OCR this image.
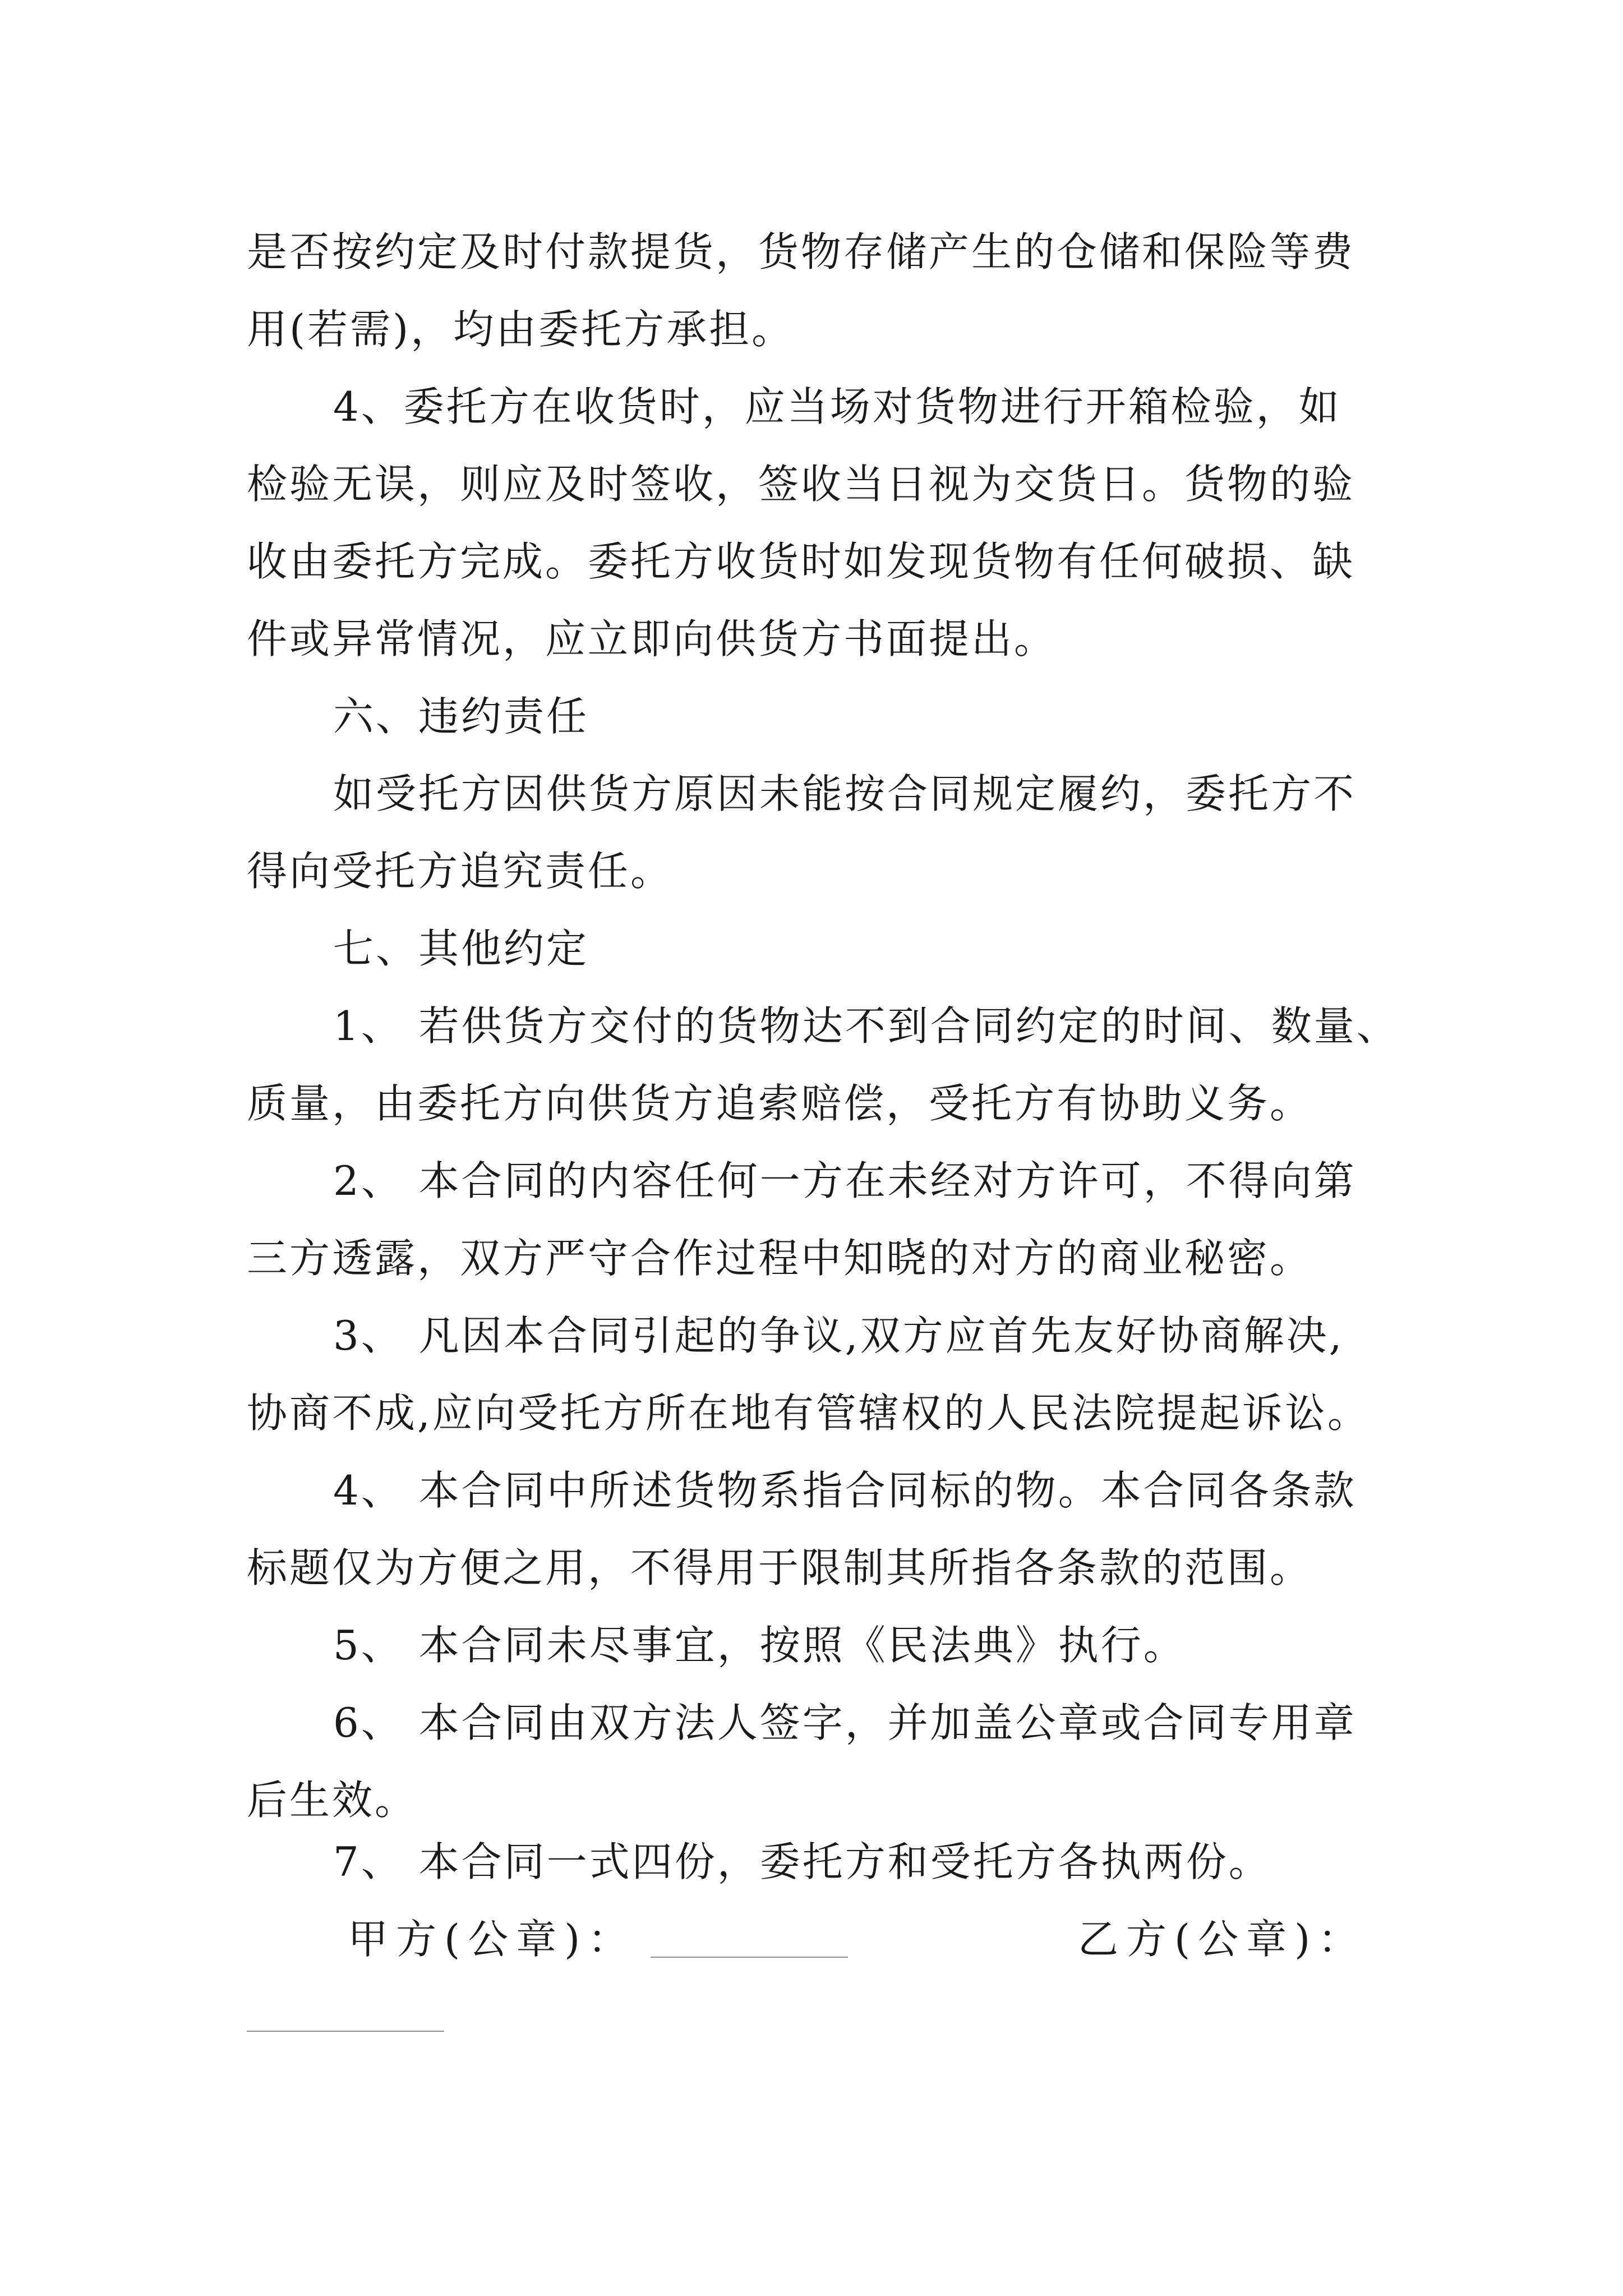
是否按约定及时付款提货，货物存储产生的仓储和保险等费
用(若需)，均由委托方承担。

4、委托方在收货时，应当场对货物进行开箱检验，如
检验无误，则应及时签收，签收当日视为交货日。货物的验
收由委托方完成。委托方收货时如发现货物有任何破损、缺
件或异常情况，应立即向供货方书面提出。

六、违约责任

如受托方因供货方原因未能按合同规定履约，委托方不
得向受托方追究责任。

七、其他约定

1、 若供货方交付的货物达不到合同约定的时间、数量、
质量，由委托方向供货方追索赔偿，受托方有协助义务。

2、 本合同的内容任何一方在未经对方许可，不得向第
三方透露，双方严守合作过程中知晓的对方的商业秘密。

3、 凡因本合同引起的争议,双方应首先友好协商解决,
协商不成,应向受托方所在地有管辖权的人民法院提起诉讼。

4、 本合同中所述货物系指合同标的物。本合同各条款
标题仅为方便之用，不得用于限制其所指各条款的范围。

5、 本合同未尽事宜，按照《民法典》执行。

6、 本合同由双方法人签字，并加盖公章或合同专用章
后生效。

7、 本合同一式四份，委托方和受托方各执两份。

甲方(公章)：	乙方(公章)：
